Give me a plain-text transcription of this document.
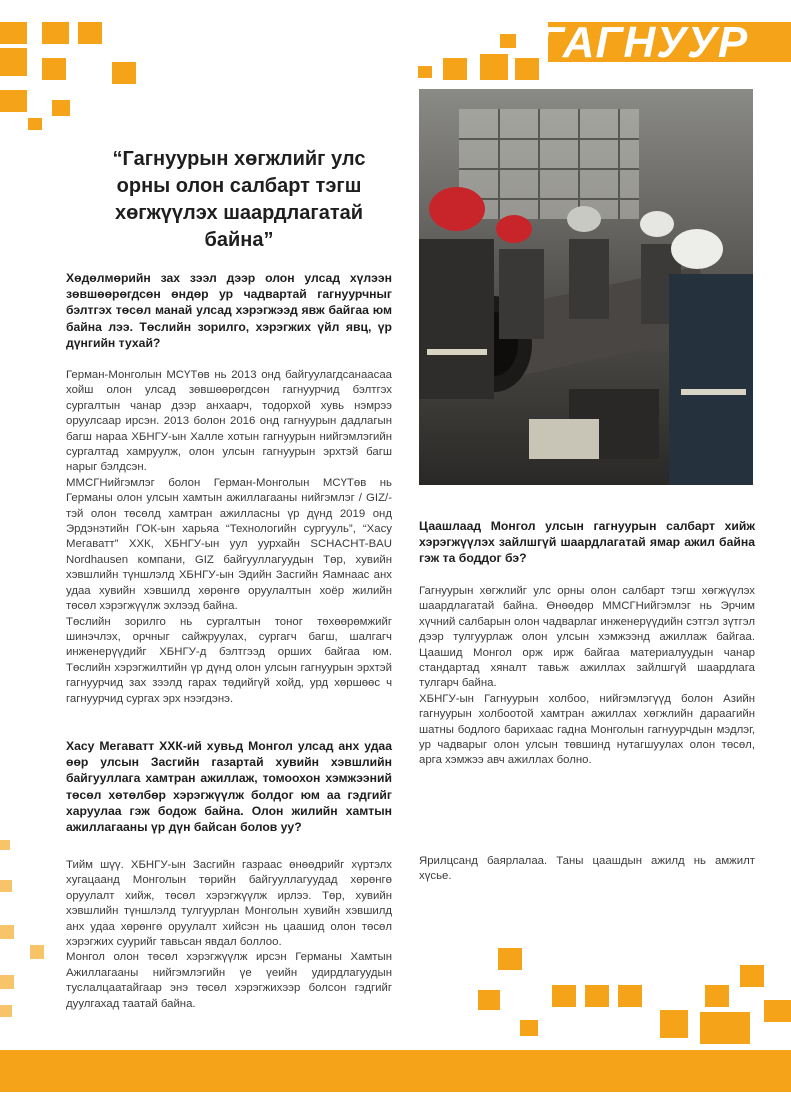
ГАГНУУР
“Гагнуурын хөгжлийг улс орны олон салбарт тэгш хөгжүүлэх шаардлагатай байна”
Хөдөлмөрийн зах зээл дээр олон улсад хүлээн зөвшөөрөгдсөн өндөр ур чадвартай гагнуурчныг бэлтгэх төсөл манай улсад хэрэгжээд явж байгаа юм байна лээ. Төслийн зорилго, хэрэгжих үйл явц, үр дүнгийн тухай?
Герман-Монголын МСҮТөв нь 2013 онд байгуулагдсанаасаа хойш олон улсад зөвшөөрөгдсөн гагнуурчид бэлтгэх сургалтын чанар дээр анхаарч, тодорхой хувь нэмрээ оруулсаар ирсэн. 2013 болон 2016 онд гагнуурын дадлагын багш нараа ХБНГУ-ын Халле хотын гагнуурын нийгэмлэгийн сургалтад хамруулж, олон улсын гагнуурын эрхтэй багш нарыг бэлдсэн.
ММСГНийгэмлэг болон Герман-Монголын МСҮТөв нь Германы олон улсын хамтын ажиллагааны нийгэмлэг / GIZ/-тэй олон төсөлд хамтран ажилласны үр дүнд 2019 онд Эрдэнэтийн ГОК-ын харьяа “Технологийн сургууль”, “Хасу Мегаватт” ХХК, ХБНГУ-ын уул уурхайн SCHACHT-BAU Nordhausen компани, GIZ байгууллагуудын Төр, хувийн хэвшлийн түншлэлд ХБНГУ-ын Эдийн Засгийн Яамнаас анх удаа хувийн хэвшилд хөрөнгө оруулалтын хоёр жилийн төсөл хэрэгжүүлж эхлээд байна.
Төслийн зорилго нь сургалтын тоног төхөөрөмжийг шинэчлэх, орчныг сайжруулах, сургагч багш, шалгагч инженерүүдийг ХБНГУ-д бэлтгээд орших байгаа юм. Төслийн хэрэгжилтийн үр дүнд олон улсын гагнуурын эрхтэй гагнуурчид зах зээлд гарах төдийгүй хойд, урд хөршөөс ч гагнуурчид сургах эрх нээгдэнэ.
Хасу Мегаватт ХХК-ий хувьд Монгол улсад анх удаа өөр улсын Засгийн газартай хувийн хэвшлийн байгууллага хамтран ажиллаж, томоохон хэмжээний төсөл хөтөлбөр хэрэгжүүлж болдог юм аа гэдгийг харуулаа гэж бодож байна. Олон жилийн хамтын ажиллагааны үр дүн байсан болов уу?
Тийм шүү. ХБНГУ-ын Засгийн газраас өнөөдрийг хүртэлх хугацаанд Монголын төрийн байгууллагуудад хөрөнгө оруулалт хийж, төсөл хэрэгжүүлж ирлээ. Төр, хувийн хэвшлийн түншлэлд тулгуурлан Монголын хувийн хэвшилд анх удаа хөрөнгө оруулалт хийсэн нь цаашид олон төсөл хэрэгжих суурийг тавьсан явдал боллоо.
Монгол олон төсөл хэрэгжүүлж ирсэн Германы Хамтын Ажиллагааны нийгэмлэгийн үе үеийн удирдлагуудын туслалцаатайгаар энэ төсөл хэрэгжихээр болсон гэдгийг дуулгахад таатай байна.
Цаашлаад Монгол улсын гагнуурын салбарт хийж хэрэгжүүлэх зайлшгүй шаардлагатай ямар ажил байна гэж та боддог бэ?
Гагнуурын хөгжлийг улс орны олон салбарт тэгш хөгжүүлэх шаардлагатай байна. Өнөөдөр ММСГНийгэмлэг нь Эрчим хүчний салбарын олон чадварлаг инженерүүдийн сэтгэл зүтгэл дээр тулгуурлаж олон улсын хэмжээнд ажиллаж байгаа. Цаашид Монгол орж ирж байгаа материалуудын чанар стандартад хяналт тавьж ажиллах зайлшгүй шаардлага тулгарч байна.
ХБНГУ-ын Гагнуурын холбоо, нийгэмлэгүүд болон Азийн гагнуурын холбоотой хамтран ажиллах хөгжлийн дараагийн шатны бодлого барихаас гадна Монголын гагнуурчдын мэдлэг, ур чадварыг олон улсын төвшинд нутагшуулах олон төсөл, арга хэмжээ авч ажиллах болно.
Ярилцсанд баярлалаа. Таны цаашдын ажилд нь амжилт хүсье.
